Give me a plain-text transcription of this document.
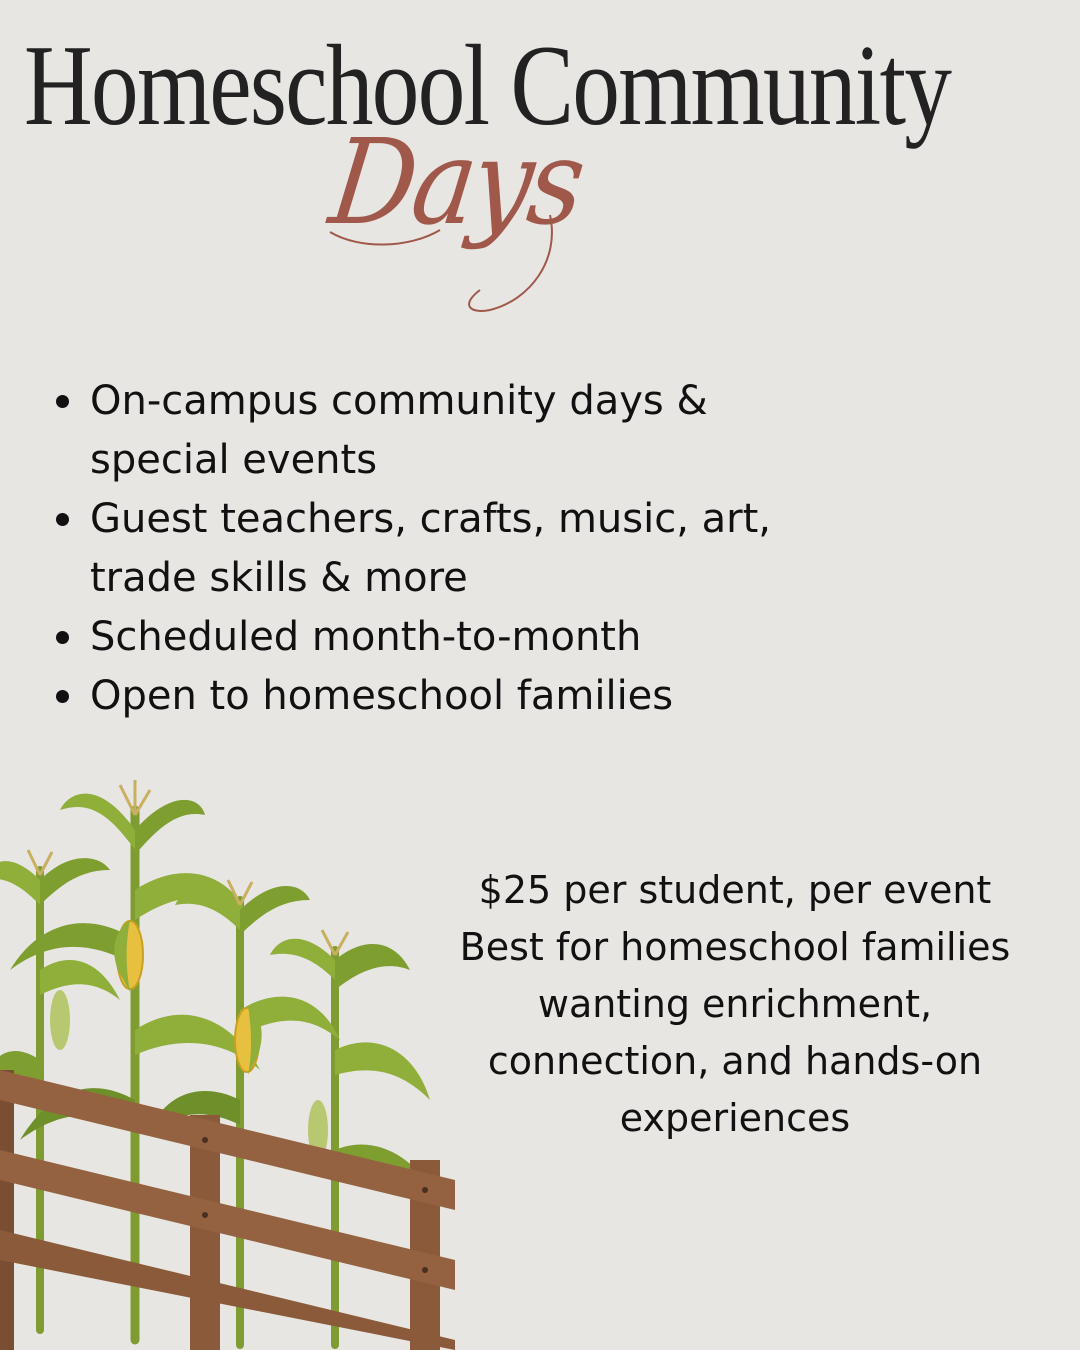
Homeschool Community
Days
On-campus community days &
special events
Guest teachers, crafts, music, art,
trade skills & more
Scheduled month-to-month
Open to homeschool families
$25 per student, per event
Best for homeschool families
wanting enrichment,
connection, and hands-on
experiences
